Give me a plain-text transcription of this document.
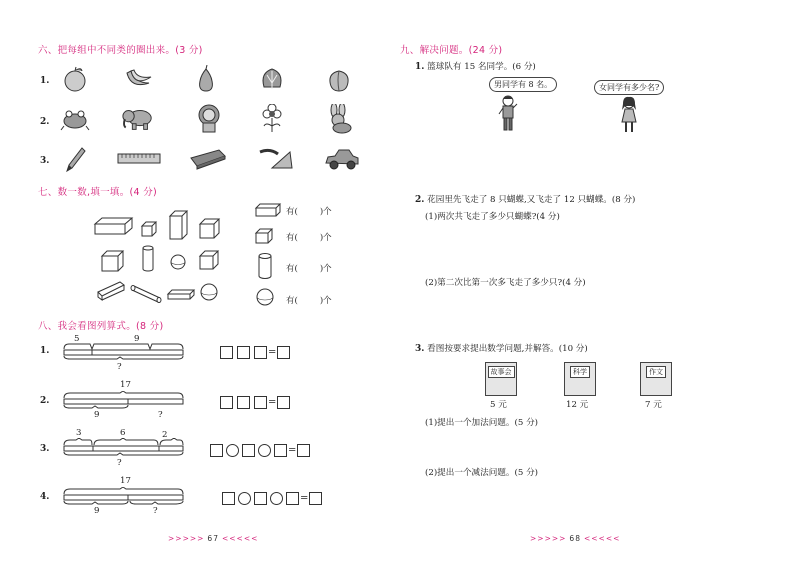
六、把每组中不同类的圈出来。(3 分)
1.
2.
3.
七、数一数,填一填。(4 分)
有(	)个
有(	)个
有(	)个
有(	)个
八、我会看图列算式。(8 分)
1.
5	9
?
=
2.
17
9	?
=
3.
3	6	2
?
=
4.
17
9	?
=
>>>>> 67 <<<<<
九、解决问题。(24 分)
1. 篮球队有 15 名同学。(6 分)
男同学有 8 名。	女同学有多少名?
2. 花园里先飞走了 8 只蝴蝶,又飞走了 12 只蝴蝶。(8 分)
(1)两次共飞走了多少只蝴蝶?(4 分)
(2)第二次比第一次多飞走了多少只?(4 分)
3. 看图按要求提出数学问题,并解答。(10 分)
故事会
5 元
科学
12 元
作文
7 元
(1)提出一个加法问题。(5 分)
(2)提出一个减法问题。(5 分)
>>>>> 68 <<<<<
